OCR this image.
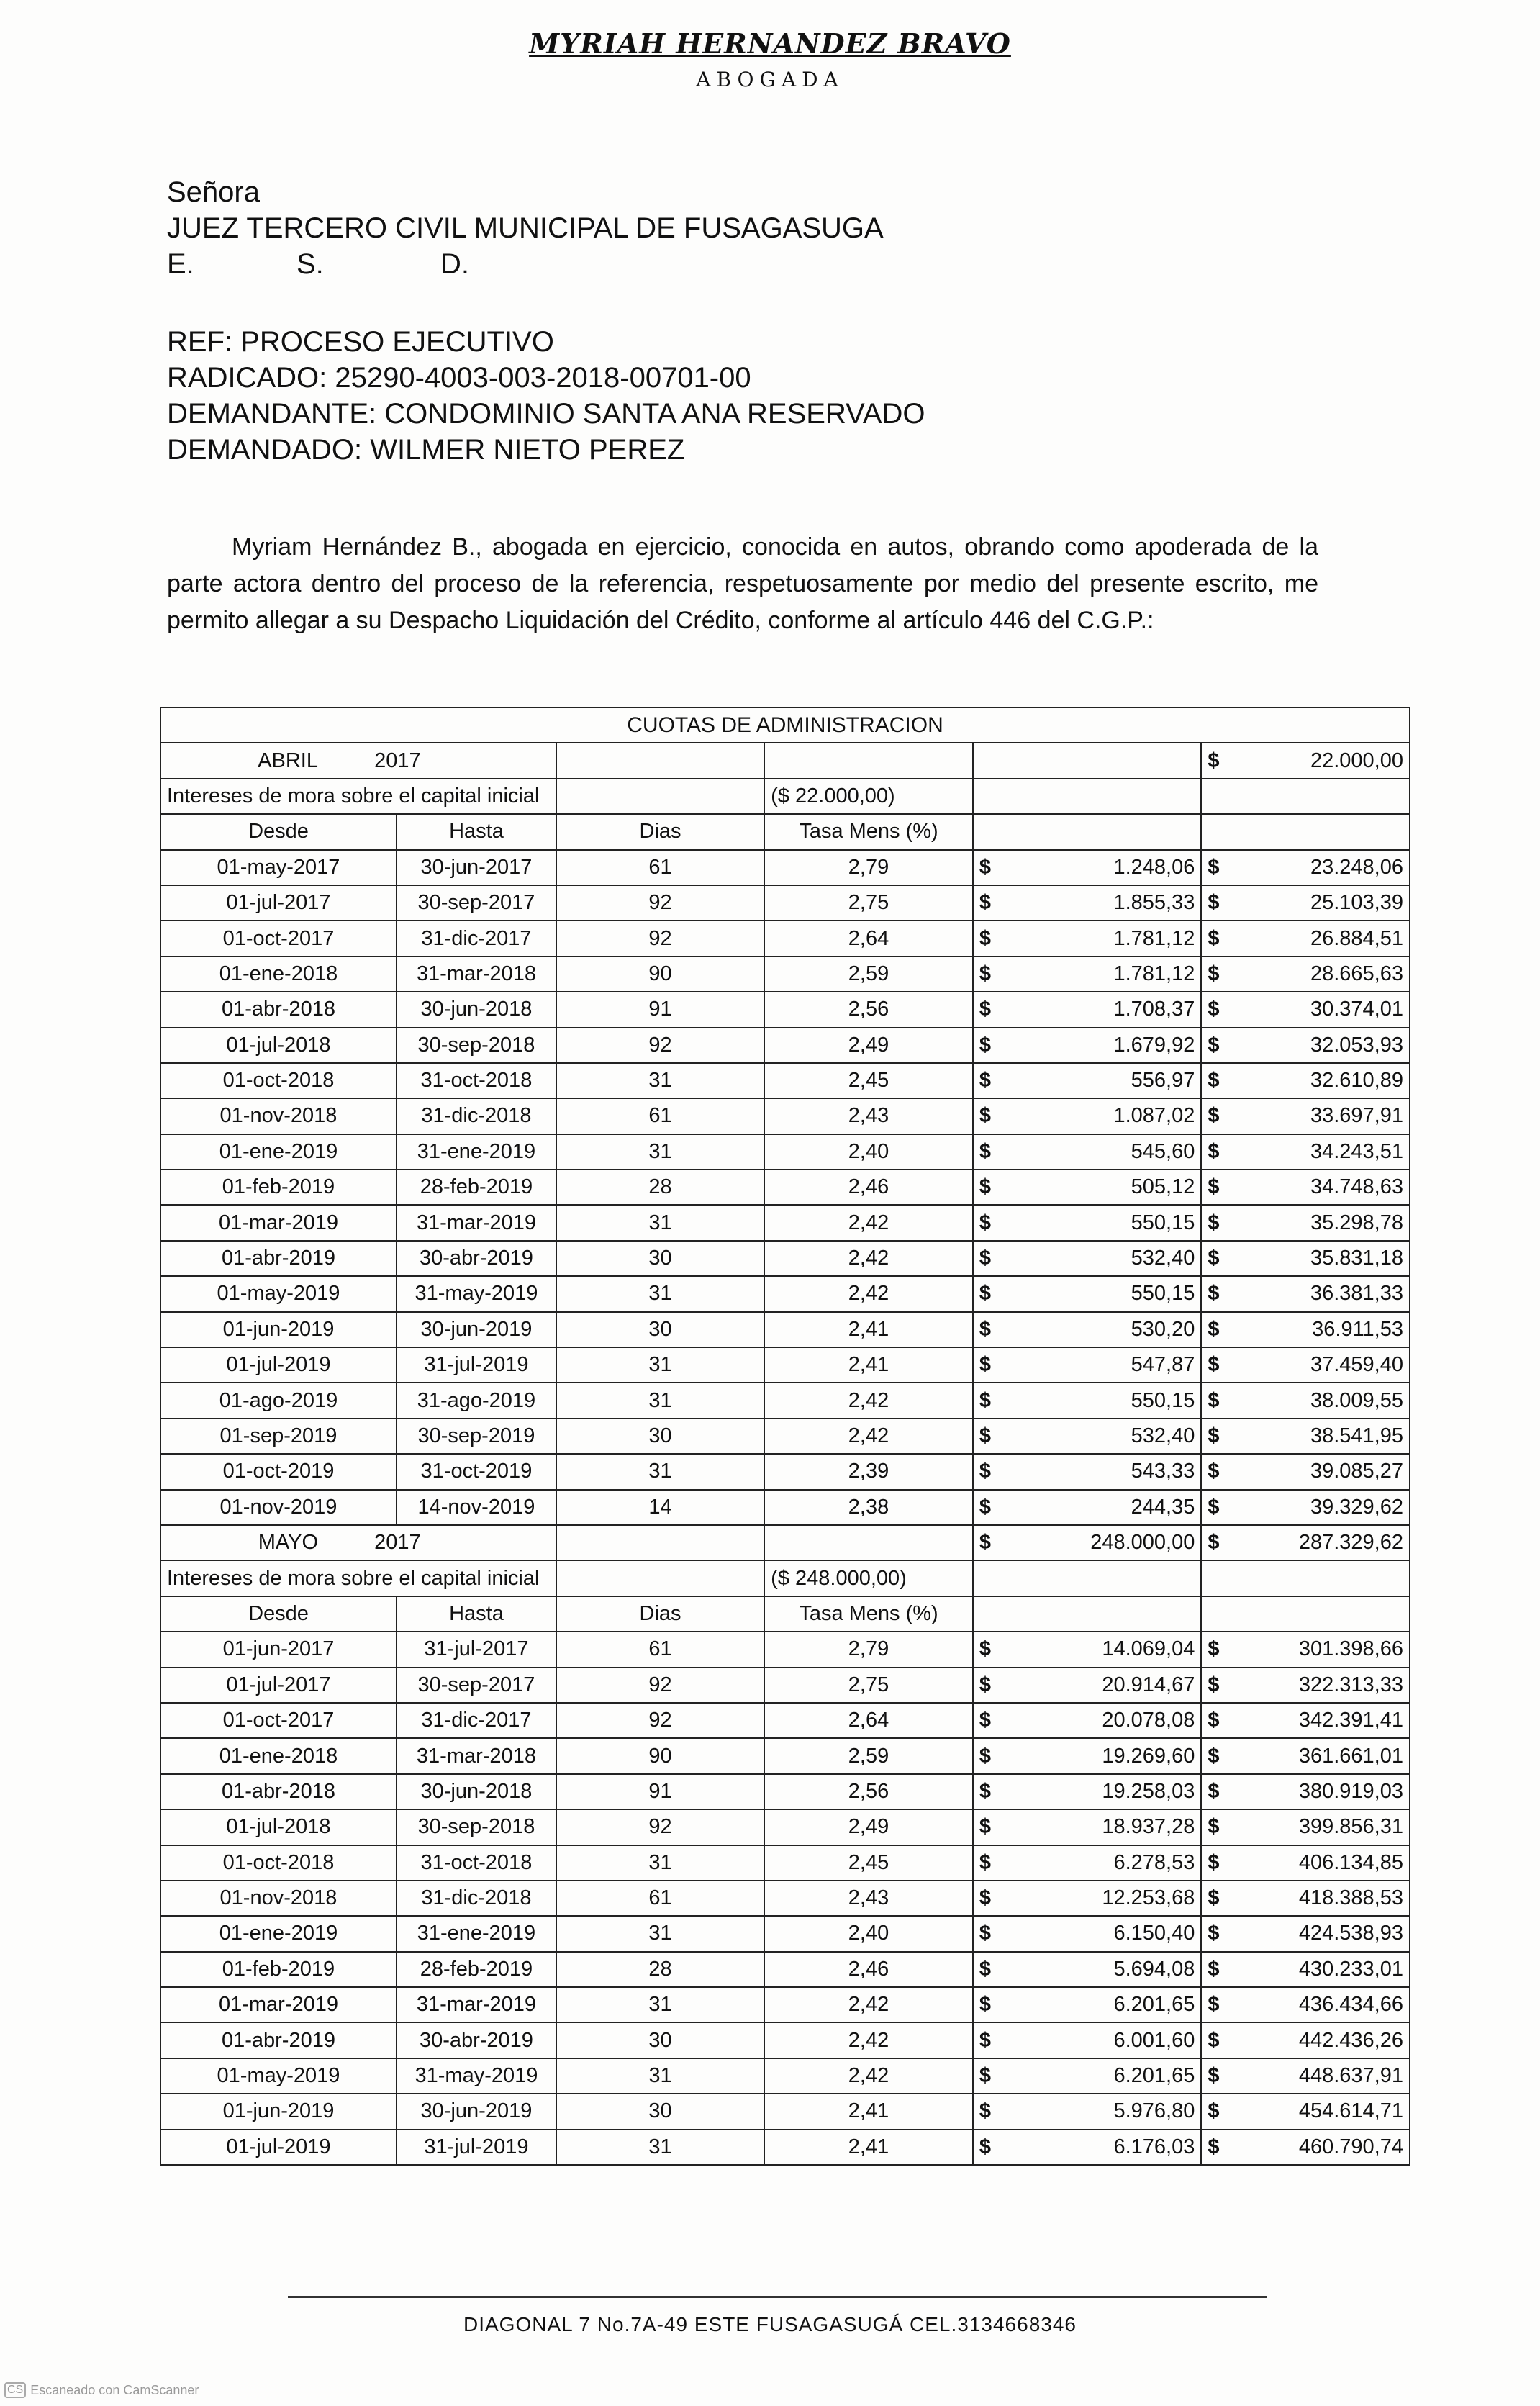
MYRIAH HERNANDEZ BRAVO
ABOGADA
Señora
JUEZ TERCERO CIVIL MUNICIPAL DE FUSAGASUGA
E.	S.	D.
REF: PROCESO EJECUTIVO
RADICADO: 25290-4003-003-2018-00701-00
DEMANDANTE: CONDOMINIO SANTA ANA RESERVADO
DEMANDADO: WILMER NIETO PEREZ
Myriam Hernández B., abogada en ejercicio, conocida en autos, obrando como apoderada de la parte actora dentro del proceso de la referencia, respetuosamente por medio del presente escrito, me permito allegar a su Despacho Liquidación del Crédito, conforme al artículo 446 del C.G.P.:
CUOTAS DE ADMINISTRACION					
ABRIL 2017					$ 22.000,00

Intereses de mora sobre el capital inicial			($ 22.000,00)		
Desde	Hasta	Dias	Tasa Mens (%)		
01-may-2017	30-jun-2017	61	2,79	$ 1.248,06	$ 23.248,06

01-jul-2017	30-sep-2017	92	2,75	$ 1.855,33	$ 25.103,39

01-oct-2017	31-dic-2017	92	2,64	$ 1.781,12	$ 26.884,51

01-ene-2018	31-mar-2018	90	2,59	$ 1.781,12	$ 28.665,63

01-abr-2018	30-jun-2018	91	2,56	$ 1.708,37	$ 30.374,01

01-jul-2018	30-sep-2018	92	2,49	$ 1.679,92	$ 32.053,93

01-oct-2018	31-oct-2018	31	2,45	$ 556,97	$ 32.610,89

01-nov-2018	31-dic-2018	61	2,43	$ 1.087,02	$ 33.697,91

01-ene-2019	31-ene-2019	31	2,40	$ 545,60	$ 34.243,51

01-feb-2019	28-feb-2019	28	2,46	$ 505,12	$ 34.748,63

01-mar-2019	31-mar-2019	31	2,42	$ 550,15	$ 35.298,78

01-abr-2019	30-abr-2019	30	2,42	$ 532,40	$ 35.831,18

01-may-2019	31-may-2019	31	2,42	$ 550,15	$ 36.381,33

01-jun-2019	30-jun-2019	30	2,41	$ 530,20	$ 36.911,53

01-jul-2019	31-jul-2019	31	2,41	$ 547,87	$ 37.459,40

01-ago-2019	31-ago-2019	31	2,42	$ 550,15	$ 38.009,55

01-sep-2019	30-sep-2019	30	2,42	$ 532,40	$ 38.541,95

01-oct-2019	31-oct-2019	31	2,39	$ 543,33	$ 39.085,27

01-nov-2019	14-nov-2019	14	2,38	$ 244,35	$ 39.329,62

MAYO 2017				$ 248.000,00	$ 287.329,62

Intereses de mora sobre el capital inicial			($ 248.000,00)		
Desde	Hasta	Dias	Tasa Mens (%)		
01-jun-2017	31-jul-2017	61	2,79	$ 14.069,04	$ 301.398,66

01-jul-2017	30-sep-2017	92	2,75	$ 20.914,67	$ 322.313,33

01-oct-2017	31-dic-2017	92	2,64	$ 20.078,08	$ 342.391,41

01-ene-2018	31-mar-2018	90	2,59	$ 19.269,60	$ 361.661,01

01-abr-2018	30-jun-2018	91	2,56	$ 19.258,03	$ 380.919,03

01-jul-2018	30-sep-2018	92	2,49	$ 18.937,28	$ 399.856,31

01-oct-2018	31-oct-2018	31	2,45	$ 6.278,53	$ 406.134,85

01-nov-2018	31-dic-2018	61	2,43	$ 12.253,68	$ 418.388,53

01-ene-2019	31-ene-2019	31	2,40	$ 6.150,40	$ 424.538,93

01-feb-2019	28-feb-2019	28	2,46	$ 5.694,08	$ 430.233,01

01-mar-2019	31-mar-2019	31	2,42	$ 6.201,65	$ 436.434,66

01-abr-2019	30-abr-2019	30	2,42	$ 6.001,60	$ 442.436,26

01-may-2019	31-may-2019	31	2,42	$ 6.201,65	$ 448.637,91

01-jun-2019	30-jun-2019	30	2,41	$ 5.976,80	$ 454.614,71

01-jul-2019	31-jul-2019	31	2,41	$ 6.176,03	$ 460.790,74
DIAGONAL 7 No.7A-49 ESTE FUSAGASUGÁ CEL.3134668346
CS Escaneado con CamScanner
